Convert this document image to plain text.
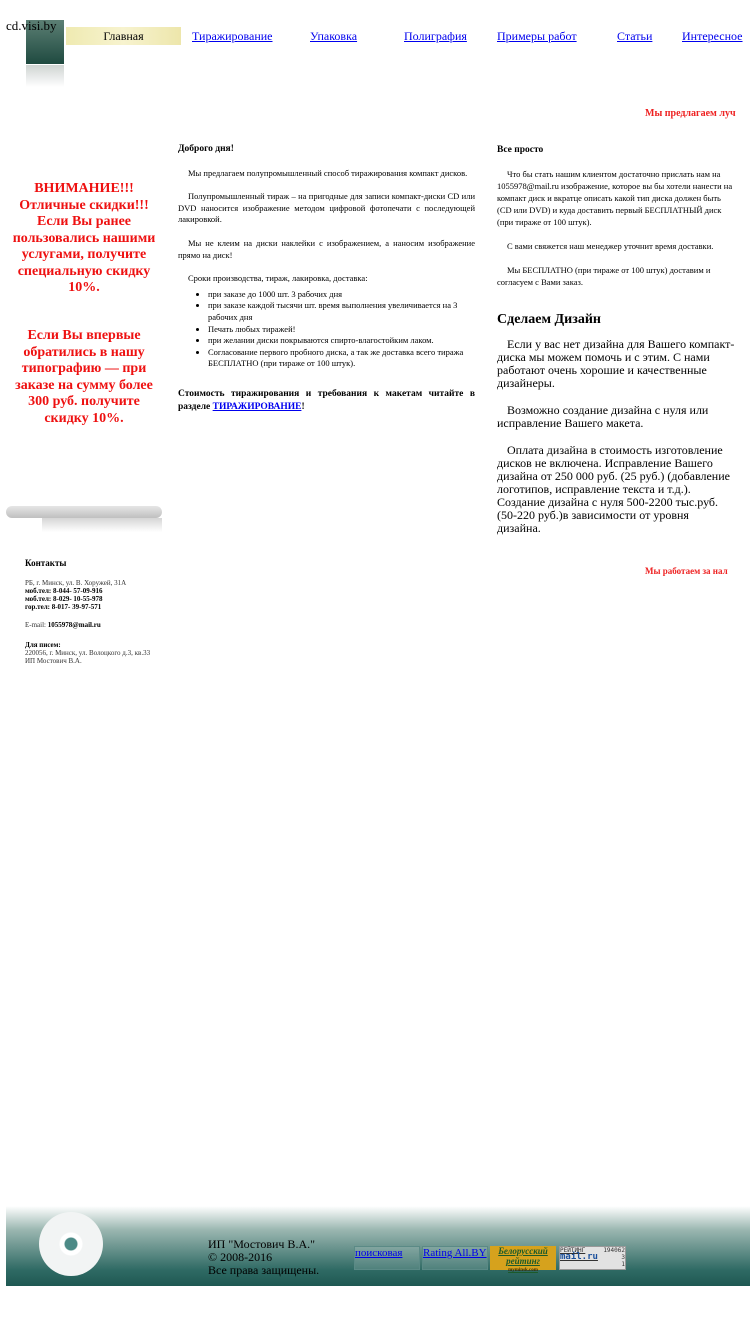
cd.visi.by
Главная	Тиражирование	Упаковка	Полиграфия	Примеры работ	Статьи Интересное
Мы предлагаем луч
ВНИМАНИЕ!!! Отличные скидки!!! Если Вы ранее пользовались нашими услугами, получите специальную скидку 10%.
Если Вы впервые обратились в нашу типографию — при заказе на сумму более 300 руб. получите скидку 10%.
Контакты

РБ, г. Минск, ул. В. Хоружей, 31А

моб.тел: 8-044- 57-09-916

моб.тел: 8-029- 10-55-978

гор.тел: 8-017- 39-97-571

E-mail: 1055978@mail.ru

Для писем:

220056, г. Минск, ул. Волоцкого д.3, кв.33

ИП Мостович В.А.

Доброго дня!

Мы предлагаем полупромышленный способ тиражирования компакт дисков.

Полупромышленный тираж – на пригодные для записи компакт-диски CD или DVD наносится изображение методом цифровой фотопечати с последующей лакировкой.

Мы не клеим на диски наклейки с изображением, а наносим изображение прямо на диск!

Сроки производства, тираж, лакировка, доставка:

• при заказе до 1000 шт. 3 рабочих дня
• при заказе каждой тысячи шт. время выполнения увеличивается на 3 рабочих дня
• Печать любых тиражей!
• при желании диски покрываются спирто-влагостойким лаком.
• Согласование первого пробного диска, а так же доставка всего тиража БЕСПЛАТНО (при тираже от 100 штук).

Стоимость тиражирования и требования к макетам читайте в разделе ТИРАЖИРОВАНИЕ!

Все просто

Что бы стать нашим клиентом достаточно прислать нам на 1055978@mail.ru изображение, которое вы бы хотели нанести на компакт диск и вкратце описать какой тип диска должен быть (CD или DVD) и куда доставить первый БЕСПЛАТНЫЙ диск (при тираже от 100 штук).

С вами свяжется наш менеджер уточнит время доставки.

Мы БЕСПЛАТНО (при тираже от 100 штук) доставим и согласуем с Вами заказ.

Сделаем Дизайн

Если у вас нет дизайна для Вашего компакт-диска мы можем помочь и с этим. С нами работают очень хорошие и качественные дизайнеры.

Возможно создание дизайна с нуля или исправление Вашего макета.

Оплата дизайна в стоимость изготовление дисков не включена. Исправление Вашего дизайна от 250 000 руб. (25 руб.) (добавление логотипов, исправление текста и т.д.). Создание дизайна с нуля 500-2200 тыс.руб. (50-220 руб.)в зависимости от уровня дизайна.

Мы работаем за нал
ИП "Мостович В.А."
© 2008-2016
Все права защищены.
поисковая	Rating All.BY	Белорусский
рейтинг
myminsk.com
РЕЙТИНГ	194062

mail.ru	3

1
